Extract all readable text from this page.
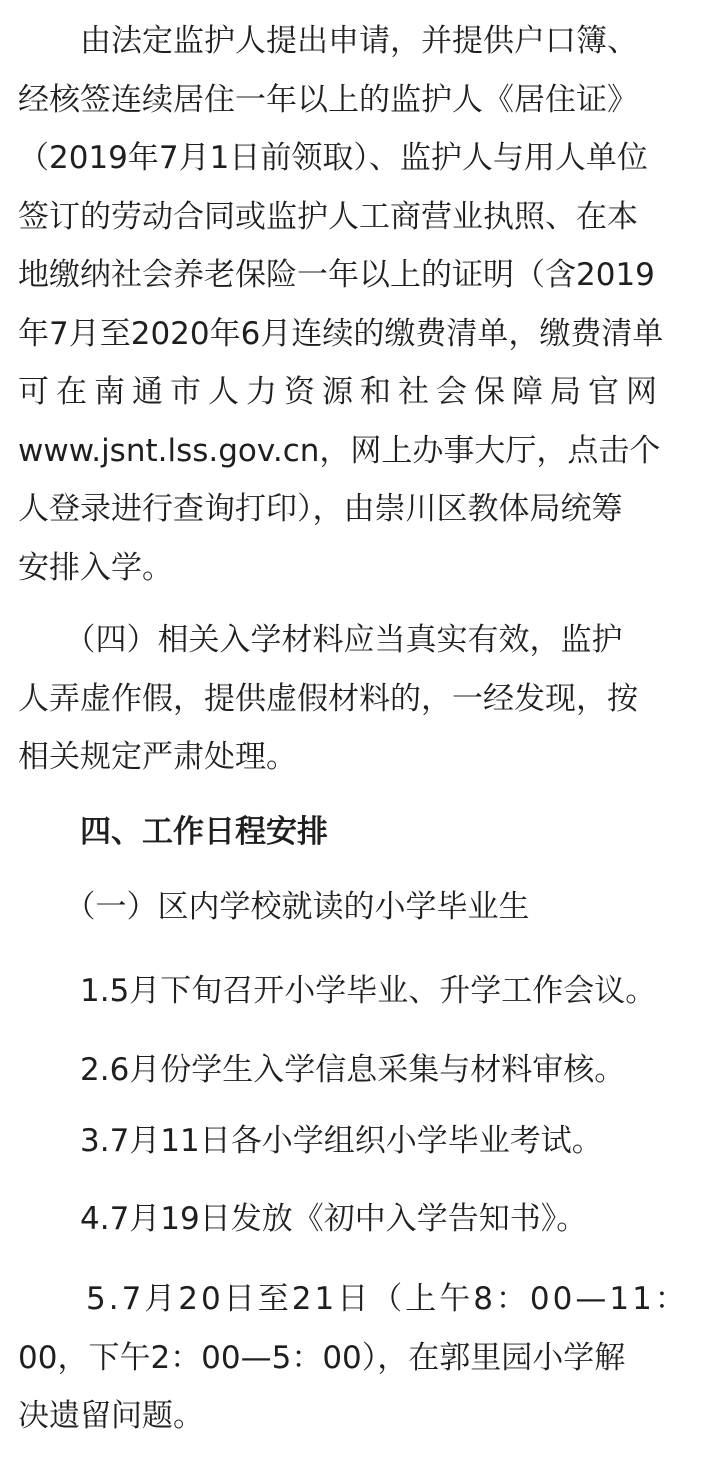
　　由法定监护人提出申请，并提供户口簿、
经核签连续居住一年以上的监护人《居住证》
（2019年7月1日前领取）、监护人与用人单位
签订的劳动合同或监护人工商营业执照、在本
地缴纳社会养老保险一年以上的证明（含2019
年7月至2020年6月连续的缴费清单，缴费清单
可在南通市人力资源和社会保障局官网
www.jsnt.lss.gov.cn，网上办事大厅，点击个
人登录进行查询打印），由崇川区教体局统筹
安排入学。
　　（四）相关入学材料应当真实有效，监护
人弄虚作假，提供虚假材料的，一经发现，按
相关规定严肃处理。
　　四、工作日程安排
　　（一）区内学校就读的小学毕业生
　　1.5月下旬召开小学毕业、升学工作会议。
　　2.6月份学生入学信息采集与材料审核。
　　3.7月11日各小学组织小学毕业考试。
　　4.7月19日发放《初中入学告知书》。
　　5.7月20日至21日（上午8：00—11：
00，下午2：00—5：00），在郭里园小学解
决遗留问题。
